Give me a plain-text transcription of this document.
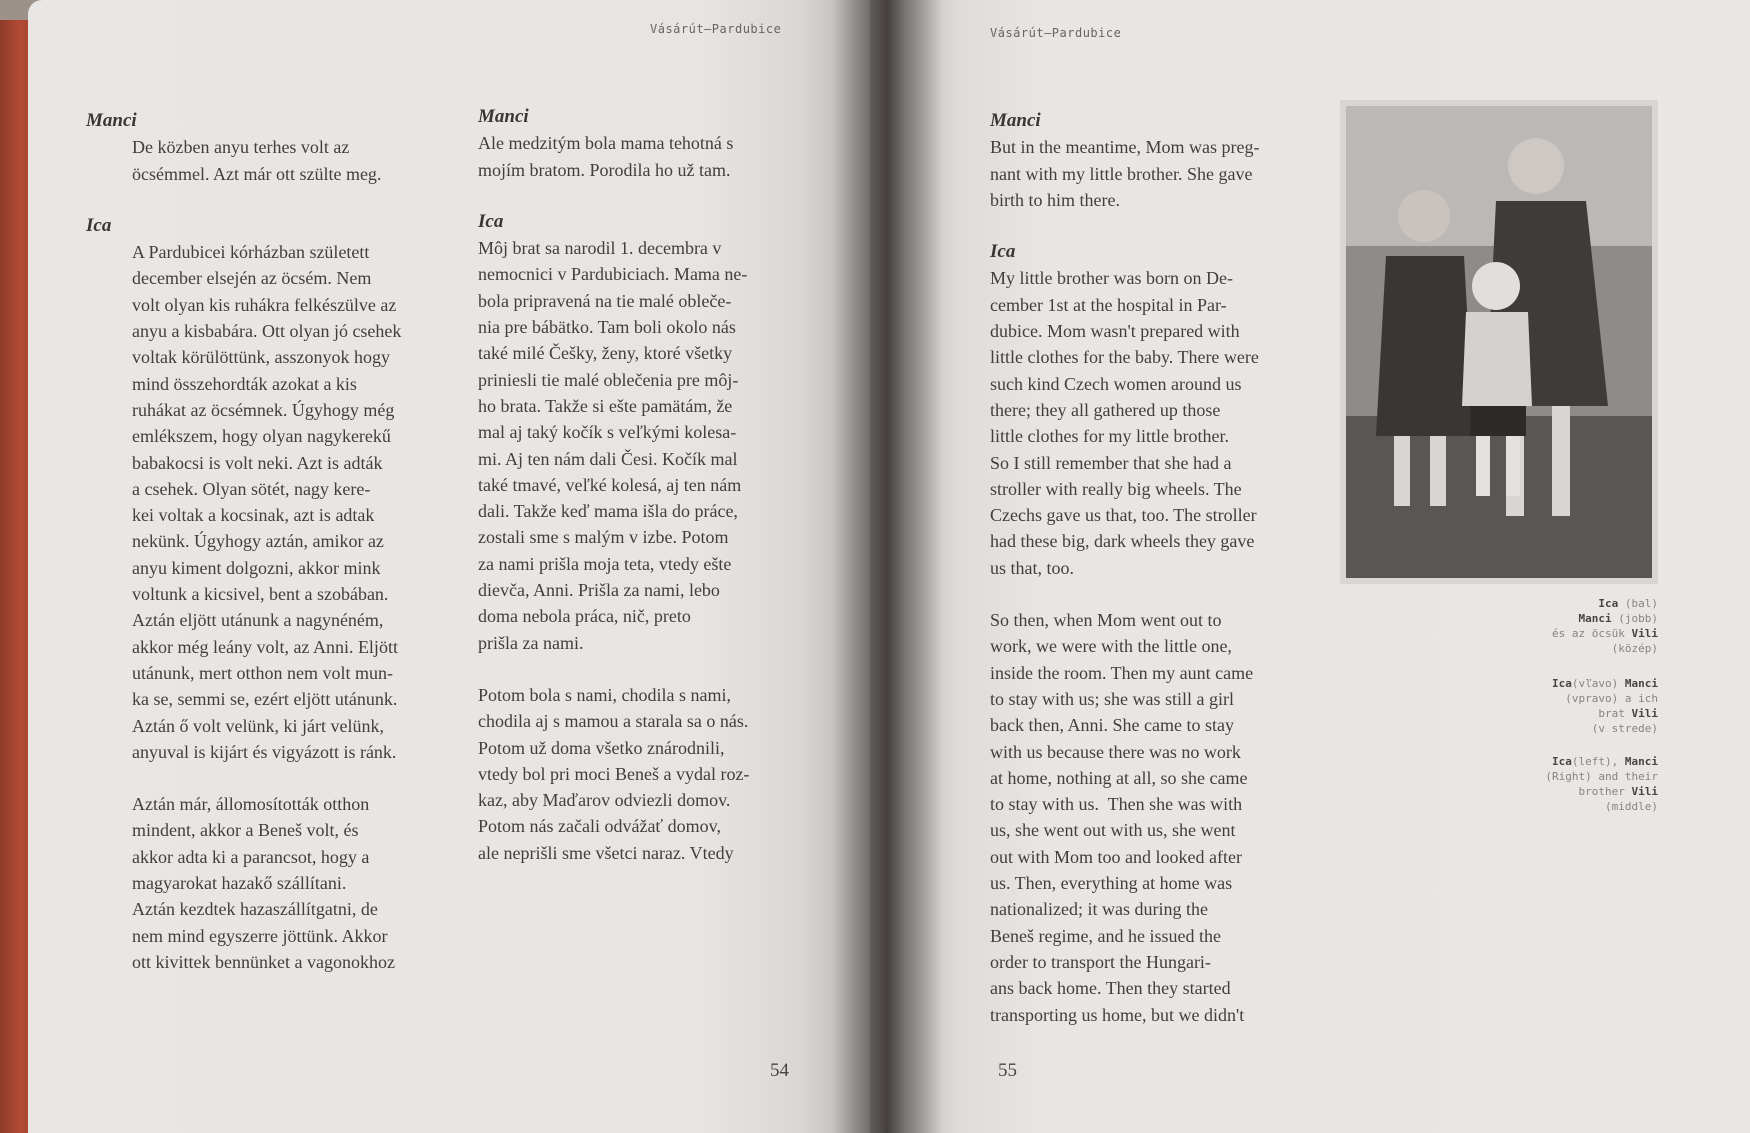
Vásárút—Pardubice
Manci

De közben anyu terhes volt az

öcsémmel. Azt már ott szülte meg.

Ica

A Pardubicei kórházban született

december elsején az öcsém. Nem

volt olyan kis ruhákra felkészülve az

anyu a kisbabára. Ott olyan jó csehek

voltak körülöttünk, asszonyok hogy

mind összehordták azokat a kis

ruhákat az öcsémnek. Úgyhogy még

emlékszem, hogy olyan nagykerekű

babakocsi is volt neki. Azt is adták

a csehek. Olyan sötét, nagy kere-

kei voltak a kocsinak, azt is adtak

nekünk. Úgyhogy aztán, amikor az

anyu kiment dolgozni, akkor mink

voltunk a kicsivel, bent a szobában.

Aztán eljött utánunk a nagynéném,

akkor még leány volt, az Anni. Eljött

utánunk, mert otthon nem volt mun-

ka se, semmi se, ezért eljött utánunk.

Aztán ő volt velünk, ki járt velünk,

anyuval is kijárt és vigyázott is ránk.

Aztán már, állomosították otthon

mindent, akkor a Beneš volt, és

akkor adta ki a parancsot, hogy a

magyarokat hazakő szállítani.

Aztán kezdtek hazaszállítgatni, de

nem mind egyszerre jöttünk. Akkor

ott kivittek bennünket a vagonokhoz

Manci

Ale medzitým bola mama tehotná s

mojím bratom. Porodila ho už tam.

Ica

Môj brat sa narodil 1. decembra v

nemocnici v Pardubiciach. Mama ne-

bola pripravená na tie malé oblečе-

nia pre bábätko. Tam boli okolo nás

také milé Češky, ženy, ktoré všetky

priniesli tie malé oblečenia pre môj-

ho brata. Takže si ešte pamätám, že

mal aj taký kočík s veľkými kolesa-

mi. Aj ten nám dali Česi. Kočík mal

také tmavé, veľké kolesá, aj ten nám

dali. Takže keď mama išla do práce,

zostali sme s malým v izbe. Potom

za nami prišla moja teta, vtedy ešte

dievča, Anni. Prišla za nami, lebo

doma nebola práca, nič, preto

prišla za nami.

Potom bola s nami, chodila s nami,

chodila aj s mamou a starala sa o nás.

Potom už doma všetko znárodnili,

vtedy bol pri moci Beneš a vydal roz-

kaz, aby Maďarov odviezli domov.

Potom nás začali odvážať domov,

ale neprišli sme všetci naraz. Vtedy

54
Vásárút—Pardubice
Manci

But in the meantime, Mom was preg-

nant with my little brother. She gave

birth to him there.

Ica

My little brother was born on De-

cember 1st at the hospital in Par-

dubice. Mom wasn't prepared with

little clothes for the baby. There were

such kind Czech women around us

there; they all gathered up those

little clothes for my little brother.

So I still remember that she had a

stroller with really big wheels. The

Czechs gave us that, too. The stroller

had these big, dark wheels they gave

us that, too.

So then, when Mom went out to

work, we were with the little one,

inside the room. Then my aunt came

to stay with us; she was still a girl

back then, Anni. She came to stay

with us because there was no work

at home, nothing at all, so she came

to stay with us.  Then she was with

us, she went out with us, she went

out with Mom too and looked after

us. Then, everything at home was

nationalized; it was during the

Beneš regime, and he issued the

order to transport the Hungari-

ans back home. Then they started

transporting us home, but we didn't

55
Ica (bal)
Manci (jobb)
és az öcsük Vili
(közép)
Ica(vľavo) Manci
(vpravo) a ich
brat Vili
(v strede)
Ica(left), Manci
(Right) and their
brother Vili
(middle)
